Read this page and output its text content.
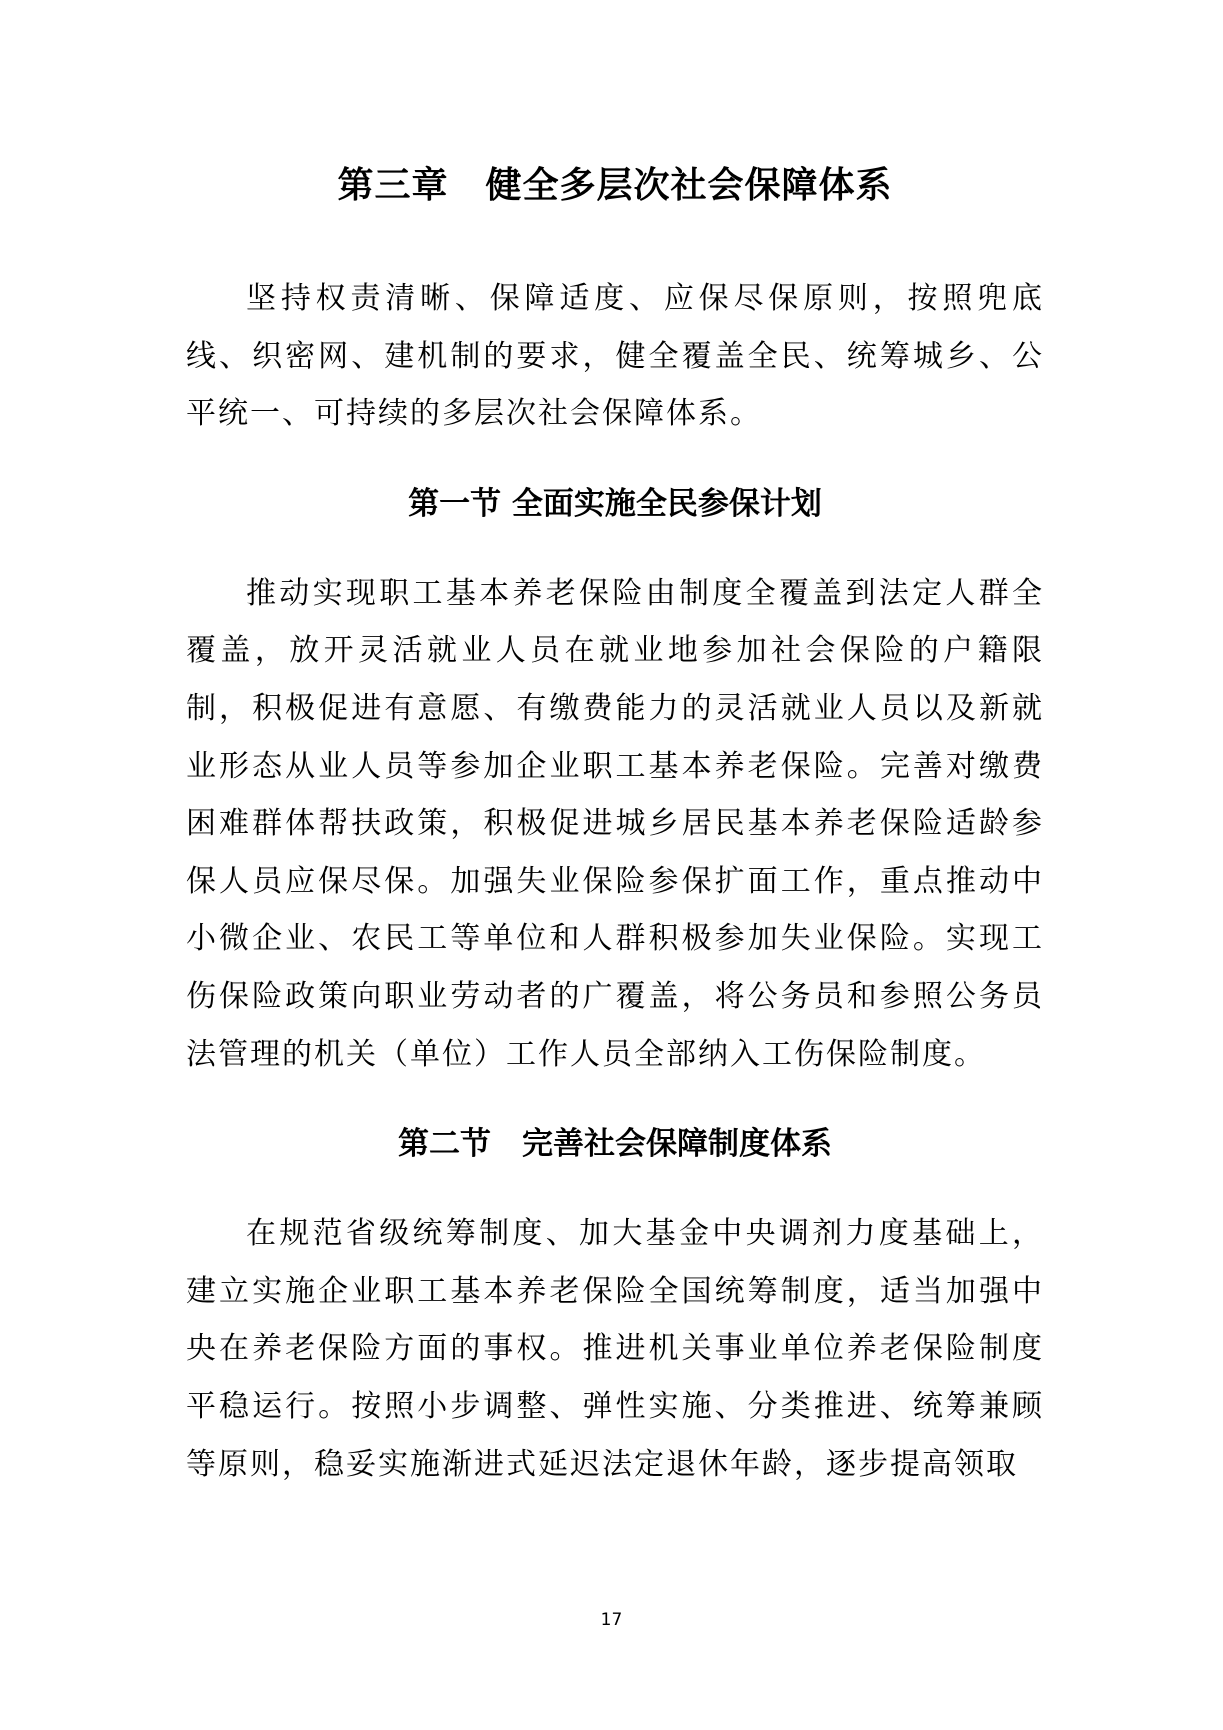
第三章　健全多层次社会保障体系

坚持权责清晰、保障适度、应保尽保原则，按照兜底线、织密网、建机制的要求，健全覆盖全民、统筹城乡、公平统一、可持续的多层次社会保障体系。

第一节 全面实施全民参保计划

推动实现职工基本养老保险由制度全覆盖到法定人群全覆盖，放开灵活就业人员在就业地参加社会保险的户籍限制，积极促进有意愿、有缴费能力的灵活就业人员以及新就业形态从业人员等参加企业职工基本养老保险。完善对缴费困难群体帮扶政策，积极促进城乡居民基本养老保险适龄参保人员应保尽保。加强失业保险参保扩面工作，重点推动中小微企业、农民工等单位和人群积极参加失业保险。实现工伤保险政策向职业劳动者的广覆盖，将公务员和参照公务员法管理的机关（单位）工作人员全部纳入工伤保险制度。

第二节　完善社会保障制度体系

在规范省级统筹制度、加大基金中央调剂力度基础上，建立实施企业职工基本养老保险全国统筹制度，适当加强中央在养老保险方面的事权。推进机关事业单位养老保险制度平稳运行。按照小步调整、弹性实施、分类推进、统筹兼顾等原则，稳妥实施渐进式延迟法定退休年龄，逐步提高领取

17
